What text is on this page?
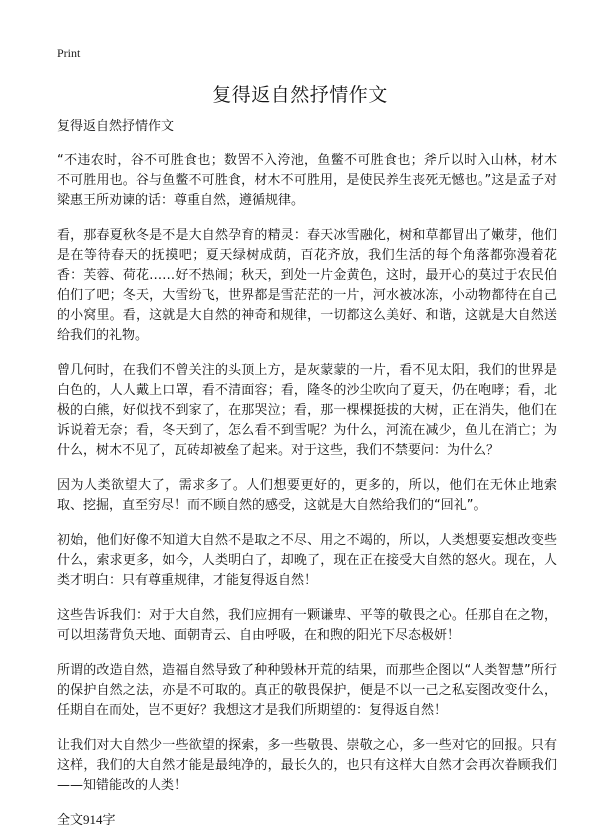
Print
复得返自然抒情作文

复得返自然抒情作文

“不违农时，谷不可胜食也；数罟不入洿池，鱼鳖不可胜食也；斧斤以时入山林，材木不可胜用也。谷与鱼鳖不可胜食，材木不可胜用，是使民养生丧死无憾也。”这是孟子对梁惠王所劝谏的话：尊重自然，遵循规律。

看，那春夏秋冬是不是大自然孕育的精灵：春天冰雪融化，树和草都冒出了嫩芽，他们是在等待春天的抚摸吧；夏天绿树成荫，百花齐放，我们生活的每个角落都弥漫着花香：芙蓉、荷花……好不热闹；秋天，到处一片金黄色，这时，最开心的莫过于农民伯伯们了吧；冬天，大雪纷飞，世界都是雪茫茫的一片，河水被冰冻，小动物都待在自己的小窝里。看，这就是大自然的神奇和规律，一切都这么美好、和谐，这就是大自然送给我们的礼物。

曾几何时，在我们不曾关注的头顶上方，是灰蒙蒙的一片，看不见太阳，我们的世界是白色的，人人戴上口罩，看不清面容；看，隆冬的沙尘吹向了夏天，仍在咆哮；看，北极的白熊，好似找不到家了，在那哭泣；看，那一棵棵挺拔的大树，正在消失，他们在诉说着无奈；看，冬天到了，怎么看不到雪呢？为什么，河流在减少，鱼儿在消亡；为什么，树木不见了，瓦砖却被垒了起来。对于这些，我们不禁要问：为什么？

因为人类欲望大了，需求多了。人们想要更好的，更多的，所以，他们在无休止地索取、挖掘，直至穷尽！而不顾自然的感受，这就是大自然给我们的“回礼”。

初始，他们好像不知道大自然不是取之不尽、用之不竭的，所以，人类想要妄想改变些什么，索求更多，如今，人类明白了，却晚了，现在正在接受大自然的怒火。现在，人类才明白：只有尊重规律，才能复得返自然！

这些告诉我们：对于大自然，我们应拥有一颗谦卑、平等的敬畏之心。任那自在之物，可以坦荡背负天地、面朝青云、自由呼吸，在和煦的阳光下尽态极妍！

所谓的改造自然，造福自然导致了种种毁林开荒的结果，而那些企图以“人类智慧”所行的保护自然之法，亦是不可取的。真正的敬畏保护，便是不以一己之私妄图改变什么，任期自在而处，岂不更好？我想这才是我们所期望的：复得返自然！

让我们对大自然少一些欲望的探索，多一些敬畏、崇敬之心，多一些对它的回报。只有这样，我们的大自然才能是最纯净的，最长久的，也只有这样大自然才会再次眷顾我们——知错能改的人类！

全文914字
